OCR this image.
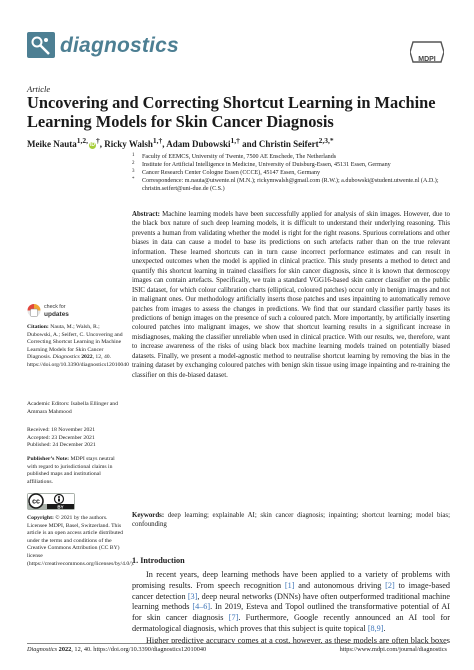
diagnostics
MDPI
Article
Uncovering and Correcting Shortcut Learning in Machine Learning Models for Skin Cancer Diagnosis
Meike Nauta$^{1,2,}$ iD†, Ricky Walsh$^{1,\dagger}$, Adam Dubowski$^{1,\dagger}$ and Christin Seifert$^{2,3,*}$
1 Faculty of EEMCS, University of Twente, 7500 AE Enschede, The Netherlands
2 Institute for Artificial Intelligence in Medicine, University of Duisburg-Essen, 45131 Essen, Germany
3 Cancer Research Center Cologne Essen (CCCE), 45147 Essen, Germany
* Correspondence: m.nauta@utwente.nl (M.N.); rickymwalsh@gmail.com (R.W.); a.dubowski@student.utwente.nl (A.D.); christin.seifert@uni-due.de (C.S.)

Abstract: Machine learning models have been successfully applied for analysis of skin images. However, due to the black box nature of such deep learning models, it is difficult to understand their underlying reasoning. This prevents a human from validating whether the model is right for the right reasons. Spurious correlations and other biases in data can cause a model to base its predictions on such artefacts rather than on the true relevant information. These learned shortcuts can in turn cause incorrect performance estimates and can result in unexpected outcomes when the model is applied in clinical practice. This study presents a method to detect and quantify this shortcut learning in trained classifiers for skin cancer diagnosis, since it is known that dermoscopy images can contain artefacts. Specifically, we train a standard VGG16-based skin cancer classifier on the public ISIC dataset, for which colour calibration charts (elliptical, coloured patches) occur only in benign images and not in malignant ones. Our methodology artificially inserts those patches and uses inpainting to automatically remove patches from images to assess the changes in predictions. We find that our standard classifier partly bases its predictions of benign images on the presence of such a coloured patch. More importantly, by artificially inserting coloured patches into malignant images, we show that shortcut learning results in a significant increase in misdiagnoses, making the classifier unreliable when used in clinical practice. With our results, we, therefore, want to increase awareness of the risks of using black box machine learning models trained on potentially biased datasets. Finally, we present a model-agnostic method to neutralise shortcut learning by removing the bias in the training dataset by exchanging coloured patches with benign skin tissue using image inpainting and re-training the classifier on this de-biased dataset.

Keywords: deep learning; explainable AI; skin cancer diagnosis; inpainting; shortcut learning; model bias; confounding

check for
updates

Citation: Nauta, M.; Walsh, R.; Dubowski, A.; Seifert, C. Uncovering and Correcting Shortcut Learning in Machine Learning Models for Skin Cancer Diagnosis. Diagnostics 2022, 12, 40. https://doi.org/10.3390/diagnostics12010040

Academic Editors: Isabella Ellinger and Ammara Mahmood

Received: 18 November 2021
Accepted: 23 December 2021
Published: 24 December 2021

Publisher’s Note: MDPI stays neutral with regard to jurisdictional claims in published maps and institutional affiliations.

cc
BY

Copyright: © 2021 by the authors. Licensee MDPI, Basel, Switzerland. This article is an open access article distributed under the terms and conditions of the Creative Commons Attribution (CC BY) license (https://creativecommons.org/licenses/by/4.0/).

1. Introduction

In recent years, deep learning methods have been applied to a variety of problems with promising results. From speech recognition [1] and autonomous driving [2] to image-based cancer detection [3], deep neural networks (DNNs) have often outperformed traditional machine learning methods [4–6]. In 2019, Esteva and Topol outlined the transformative potential of AI for skin cancer diagnosis [7]. Furthermore, Google recently announced an AI tool for dermatological diagnosis, which proves that this subject is quite topical [8,9].

Higher predictive accuracy comes at a cost, however, as these models are often black boxes

Diagnostics 2022, 12, 40. https://doi.org/10.3390/diagnostics12010040	https://www.mdpi.com/journal/diagnostics
